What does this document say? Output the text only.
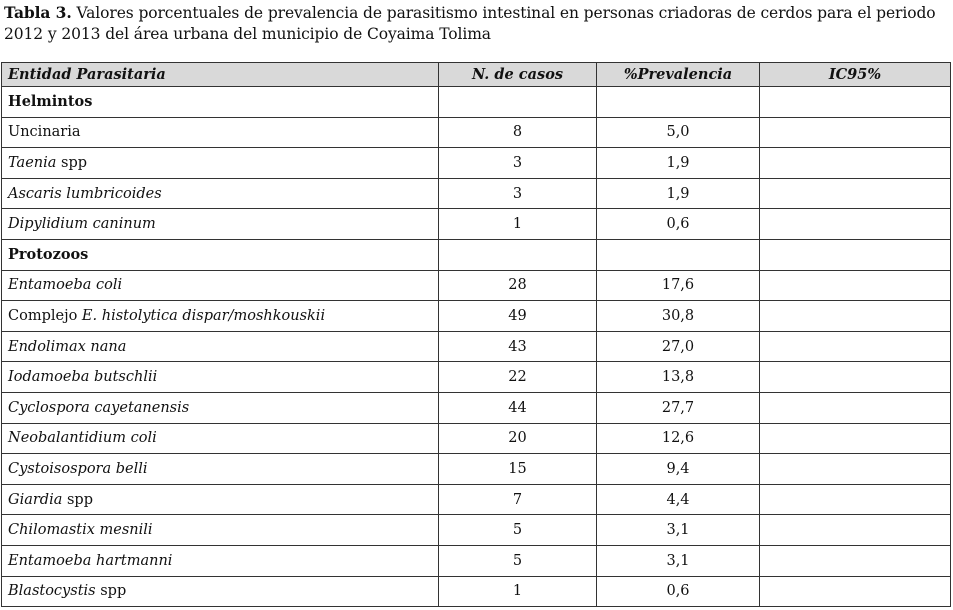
Tabla 3. Valores porcentuales de prevalencia de parasitismo intestinal en personas criadoras de cerdos para el periodo 2012 y 2013 del área urbana del municipio de Coyaima Tolima
Entidad Parasitaria	N. de casos	%Prevalencia	IC95%
Helmintos			
Uncinaria	8	5,0	
Taenia spp	3	1,9	
Ascaris lumbricoides	3	1,9	
Dipylidium caninum	1	0,6	
Protozoos			
Entamoeba coli	28	17,6	
Complejo E. histolytica dispar/moshkouskii	49	30,8	
Endolimax nana	43	27,0	
Iodamoeba butschlii	22	13,8	
Cyclospora cayetanensis	44	27,7	
Neobalantidium coli	20	12,6	
Cystoisospora belli	15	9,4	
Giardia spp	7	4,4	
Chilomastix mesnili	5	3,1	
Entamoeba hartmanni	5	3,1	
Blastocystis spp	1	0,6	
